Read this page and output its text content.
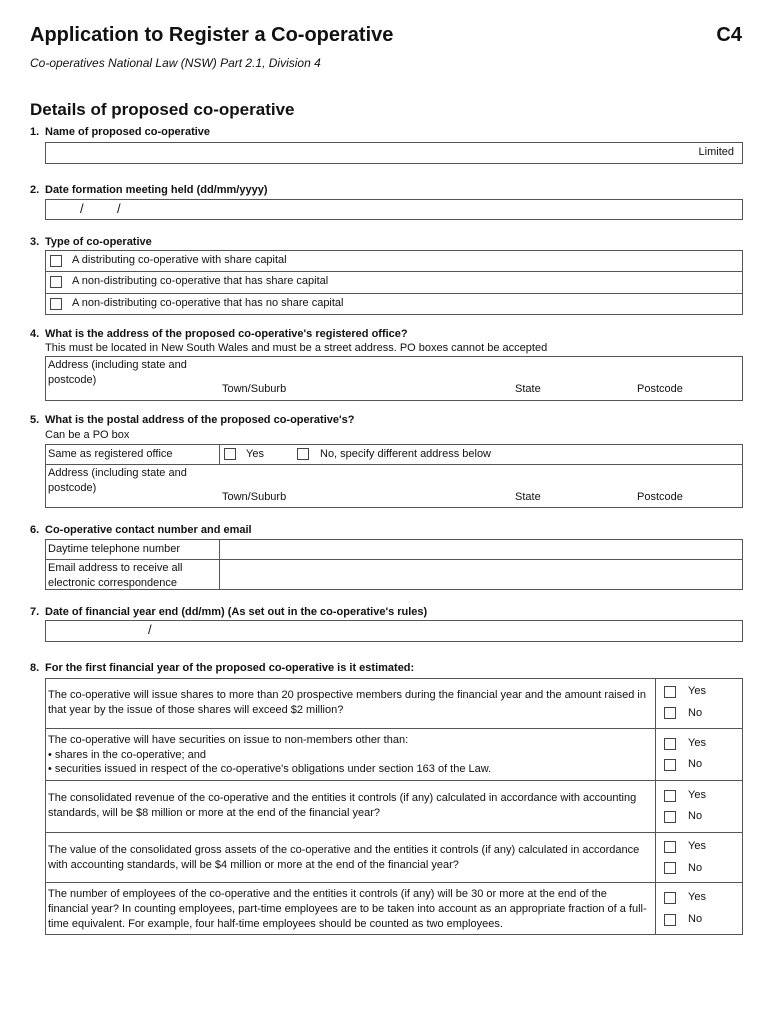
Application to Register a Co-operative	C4
Co-operatives National Law (NSW) Part 2.1, Division 4
Details of proposed co-operative
1. Name of proposed co-operative
Limited
2. Date formation meeting held (dd/mm/yyyy)
/	/
3. Type of co-operative
A distributing co-operative with share capital
A non-distributing co-operative that has share capital
A non-distributing co-operative that has no share capital
4. What is the address of the proposed co-operative's registered office?
This must be located in New South Wales and must be a street address. PO boxes cannot be accepted
Address (including state and postcode)
Town/Suburb	State	Postcode
5. What is the postal address of the proposed co-operative's?
Can be a PO box
Same as registered office	Yes	No, specify different address below
Address (including state and postcode)
Town/Suburb	State	Postcode
6. Co-operative contact number and email
Daytime telephone number
Email address to receive all electronic correspondence
7. Date of financial year end (dd/mm) (As set out in the co-operative's rules)
/
8. For the first financial year of the proposed co-operative is it estimated:
The co-operative will issue shares to more than 20 prospective members during the financial year and the amount raised in that year by the issue of those shares will exceed $2 million?
Yes
No
The co-operative will have securities on issue to non-members other than:
• shares in the co-operative; and
• securities issued in respect of the co-operative's obligations under section 163 of the Law.
Yes
No
The consolidated revenue of the co-operative and the entities it controls (if any) calculated in accordance with accounting standards, will be $8 million or more at the end of the financial year?
Yes
No
The value of the consolidated gross assets of the co-operative and the entities it controls (if any) calculated in accordance with accounting standards, will be $4 million or more at the end of the financial year?
Yes
No
The number of employees of the co-operative and the entities it controls (if any) will be 30 or more at the end of the financial year? In counting employees, part-time employees are to be taken into account as an appropriate fraction of a full-time equivalent. For example, four half-time employees should be counted as two employees.
Yes
No
